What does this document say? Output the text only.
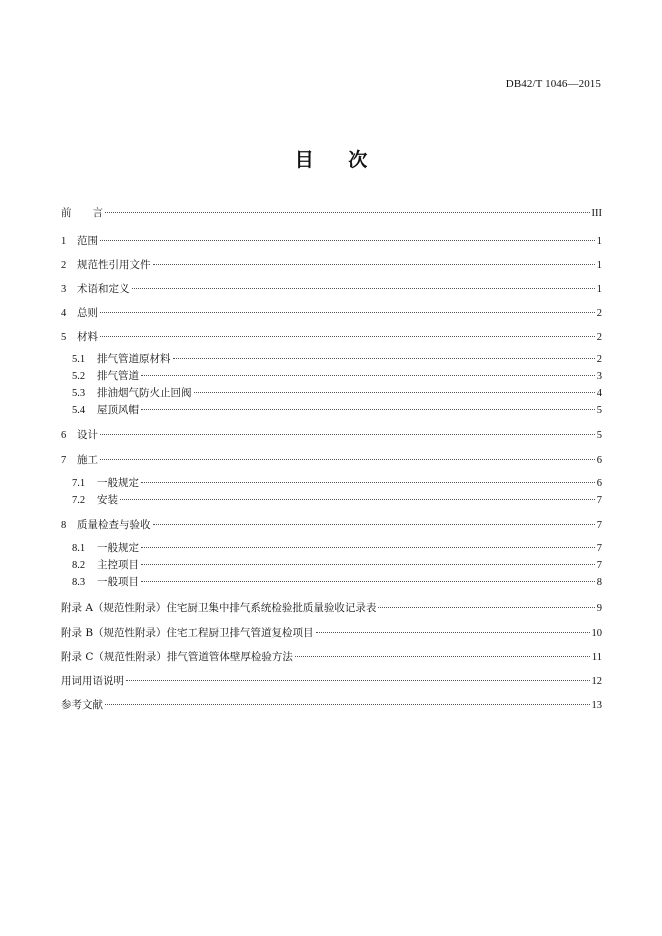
DB42/T 1046—2015
目 次
前　　言	III
1	范围	1
2	规范性引用文件	1
3	术语和定义	1
4	总则	2
5	材料	2
5.1	排气管道原材料	2
5.2	排气管道	3
5.3	排油烟气防火止回阀	4
5.4	屋顶风帽	5
6	设计	5
7	施工	6
7.1	一般规定	6
7.2	安装	7
8	质量检查与验收	7
8.1	一般规定	7
8.2	主控项目	7
8.3	一般项目	8
附录 A（规范性附录）住宅厨卫集中排气系统检验批质量验收记录表	9
附录 B（规范性附录）住宅工程厨卫排气管道复检项目	10
附录 C（规范性附录）排气管道管体壁厚检验方法	11
用词用语说明	12
参考文献	13
